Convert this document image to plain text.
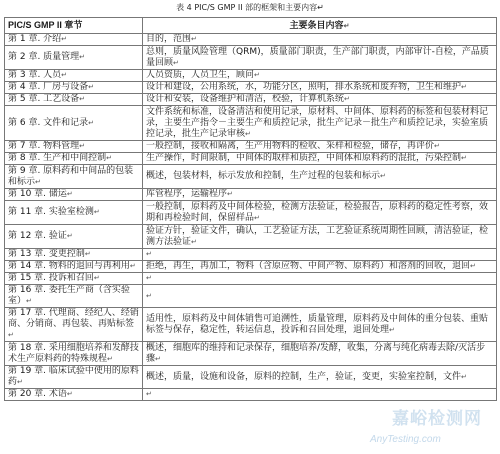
表 4 PIC/S GMP II 部的框架和主要内容↵
PIC/S GMP II 章节	主要条目内容↵
第 1 章. 介绍↵	目的，范围↵
第 2 章. 质量管理↵	总则，质量风险管理（QRM)，质量部门职责，生产部门职责，内部审计-自检，产品质量回顾↵
第 3 章. 人员↵	人员资质，人员卫生，顾问↵
第 4 章. 厂房与设备↵	设计和建设，公用系统，水，功能分区，照明，排水系统和废弃物，卫生和维护↵
第 5 章. 工艺设备↵	设计和安装，设备维护和清洁，校验，计算机系统↵
第 6 章. 文件和记录↵	文件系统和标准，设备清洁和使用记录，原材料、中间体、原料药的标签和包装材料记录，主要生产指令－主要生产和质控记录，批生产记录－批生产和质控记录，实验室质控记录，批生产记录审核↵
第 7 章. 物料管理↵	一般控制，接收和隔离，生产用物料的检收、采样和检验，储存，再评价↵
第 8 章. 生产和中间控制↵	生产操作，时间限制，中间体的取样和质控，中间体和原料药的混批，污染控制↵
第 9 章. 原料药和中间品的包装和标示↵	概述，包装材料，标示发放和控制，生产过程的包装和标示↵
第 10 章. 储运↵	库管程序，运输程序↵
第 11 章. 实验室检测↵	一般控制，原料药及中间体检验，检测方法验证，检验报告，原料药的稳定性考察，效期和再检验时间，保留样品↵
第 12 章. 验证↵	验证方针，验证文件，确认，工艺验证方法，工艺验证系统周期性回顾，清洁验证，检测方法验证↵
第 13 章. 变更控制↵	↵
第 14 章. 物料的退回与再利用↵	拒绝，再生，再加工，物料（含原应物、中间产物、原料药）和溶剂的回收，退回↵
第 15 章. 投诉和召回↵	↵
第 16 章. 委托生产商（含实验室）↵	↵
第 17 章. 代理商、经纪人、经销商、分销商、再包装、再贴标签↵	适用性，原料药及中间体销售可追溯性，质量管理，原料药及中间体的重分包装、重贴标签与保存，稳定性，转运信息，投诉和召回处理，退回处理↵
第 18 章. 采用细胞培养和发酵技术生产原料药的特殊规程↵	概述，细胞库的维持和记录保存，细胞培养/发酵，收集，分离与纯化病毒去除/灭活步骤↵
第 19 章. 临床试验中使用的原料药↵	概述，质量，设施和设备，原料的控制，生产，验证，变更，实验室控制，文件↵
第 20 章. 术语↵	↵
嘉峪检测网
AnyTesting.com
